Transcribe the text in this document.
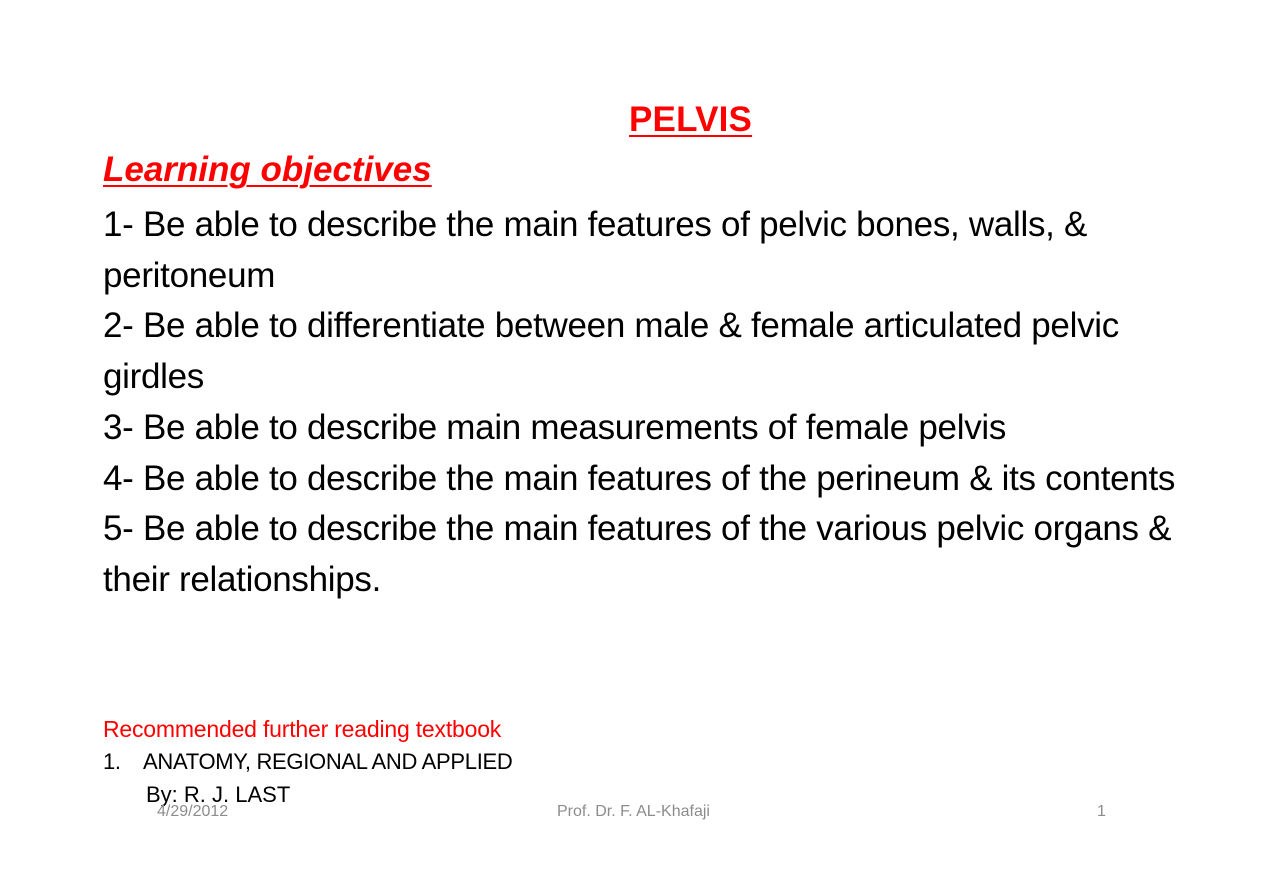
PELVIS
Learning objectives
1- Be able to describe the main features of pelvic bones, walls, & peritoneum
2- Be able to differentiate between male & female articulated pelvic girdles
3- Be able to describe main measurements of female pelvis
4- Be able to describe the main features of the perineum & its contents
5- Be able to describe the main features of the various pelvic organs & their relationships.
Recommended further reading textbook
1. ANATOMY, REGIONAL AND APPLIED
By: R. J. LAST
4/29/2012	Prof. Dr. F. AL-Khafaji	1
